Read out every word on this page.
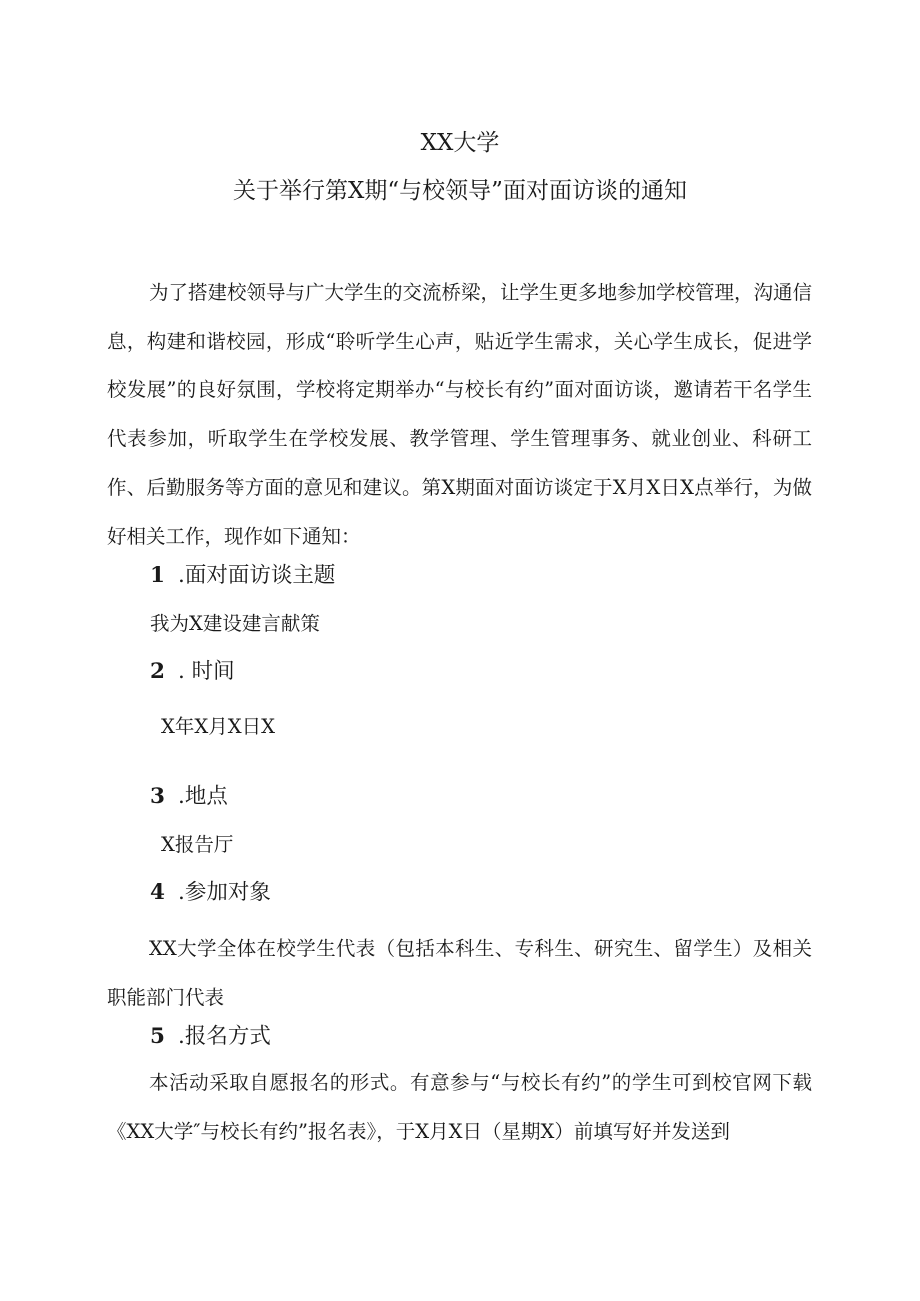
XX大学
关于举行第X期“与校领导”面对面访谈的通知

为了搭建校领导与广大学生的交流桥梁，让学生更多地参加学校管理，沟通信息，构建和谐校园，形成“聆听学生心声，贴近学生需求，关心学生成长，促进学校发展”的良好氛围，学校将定期举办“与校长有约”面对面访谈，邀请若干名学生代表参加，听取学生在学校发展、教学管理、学生管理事务、就业创业、科研工作、后勤服务等方面的意见和建议。第X期面对面访谈定于X月X日X点举行，为做好相关工作，现作如下通知：

1 .面对面访谈主题
我为X建设建言献策
2 . 时间
X年X月X日X
3 .地点
X报告厅
4 .参加对象

XX大学全体在校学生代表（包括本科生、专科生、研究生、留学生）及相关职能部门代表

5 .报名方式

本活动采取自愿报名的形式。有意参与“与校长有约”的学生可到校官网下载《XX大学″与校长有约”报名表》，于X月X日（星期X）前填写好并发送到
